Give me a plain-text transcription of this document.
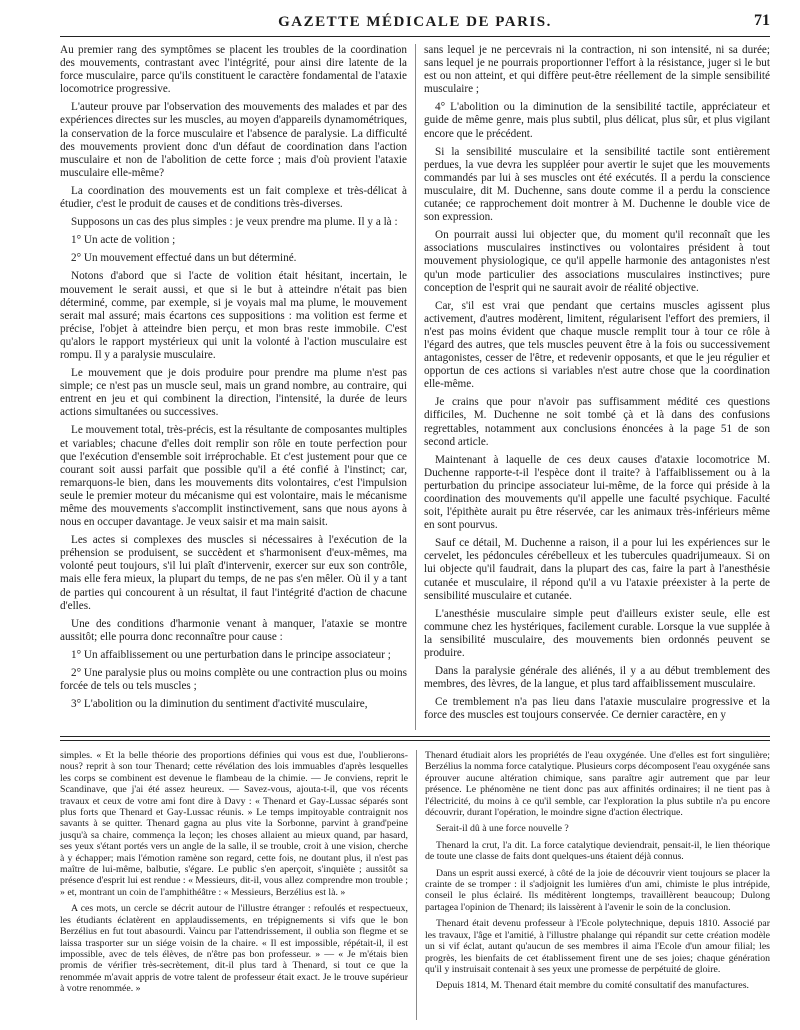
GAZETTE MÉDICALE DE PARIS.	71

Au premier rang des symptômes se placent les troubles de la coordination des mouvements, contrastant avec l'intégrité, pour ainsi dire latente de la force musculaire, parce qu'ils constituent le caractère fondamental de l'ataxie locomotrice progressive.

L'auteur prouve par l'observation des mouvements des malades et par des expériences directes sur les muscles, au moyen d'appareils dynamométriques, la conservation de la force musculaire et l'absence de paralysie. La difficulté des mouvements provient donc d'un défaut de coordination dans l'action musculaire et non de l'abolition de cette force ; mais d'où provient l'ataxie musculaire elle-même?

La coordination des mouvements est un fait complexe et très-délicat à étudier, c'est le produit de causes et de conditions très-diverses.

Supposons un cas des plus simples : je veux prendre ma plume. Il y a là :

1° Un acte de volition ;

2° Un mouvement effectué dans un but déterminé.

Notons d'abord que si l'acte de volition était hésitant, incertain, le mouvement le serait aussi, et que si le but à atteindre n'était pas bien déterminé, comme, par exemple, si je voyais mal ma plume, le mouvement serait mal assuré; mais écartons ces suppositions : ma volition est ferme et précise, l'objet à atteindre bien perçu, et mon bras reste immobile. C'est qu'alors le rapport mystérieux qui unit la volonté à l'action musculaire est rompu. Il y a paralysie musculaire.

Le mouvement que je dois produire pour prendre ma plume n'est pas simple; ce n'est pas un muscle seul, mais un grand nombre, au contraire, qui entrent en jeu et qui combinent la direction, l'intensité, la durée de leurs actions simultanées ou successives.

Le mouvement total, très-précis, est la résultante de composantes multiples et variables; chacune d'elles doit remplir son rôle en toute perfection pour que l'exécution d'ensemble soit irréprochable. Et c'est justement pour que ce courant soit aussi parfait que possible qu'il a été confié à l'instinct; car, remarquons-le bien, dans les mouvements dits volontaires, c'est l'impulsion seule le premier moteur du mécanisme qui est volontaire, mais le mécanisme même des mouvements s'accomplit instinctivement, sans que nous ayons à nous en occuper davantage. Je veux saisir et ma main saisit.

Les actes si complexes des muscles si nécessaires à l'exécution de la préhension se produisent, se succèdent et s'harmonisent d'eux-mêmes, ma volonté peut toujours, s'il lui plaît d'intervenir, exercer sur eux son contrôle, mais elle fera mieux, la plupart du temps, de ne pas s'en mêler. Où il y a tant de parties qui concourent à un résultat, il faut l'intégrité d'action de chacune d'elles.

Une des conditions d'harmonie venant à manquer, l'ataxie se montre aussitôt; elle pourra donc reconnaître pour cause :

1° Un affaiblissement ou une perturbation dans le principe associateur ;

2° Une paralysie plus ou moins complète ou une contraction plus ou moins forcée de tels ou tels muscles ;

3° L'abolition ou la diminution du sentiment d'activité musculaire,

sans lequel je ne percevrais ni la contraction, ni son intensité, ni sa durée; sans lequel je ne pourrais proportionner l'effort à la résistance, juger si le but est ou non atteint, et qui diffère peut-être réellement de la simple sensibilité musculaire ;

4° L'abolition ou la diminution de la sensibilité tactile, appréciateur et guide de même genre, mais plus subtil, plus délicat, plus sûr, et plus vigilant encore que le précédent.

Si la sensibilité musculaire et la sensibilité tactile sont entièrement perdues, la vue devra les suppléer pour avertir le sujet que les mouvements commandés par lui à ses muscles ont été exécutés. Il a perdu la conscience musculaire, dit M. Duchenne, sans doute comme il a perdu la conscience cutanée; ce rapprochement doit montrer à M. Duchenne le double vice de son expression.

On pourrait aussi lui objecter que, du moment qu'il reconnaît que les associations musculaires instinctives ou volontaires président à tout mouvement physiologique, ce qu'il appelle harmonie des antagonistes n'est qu'un mode particulier des associations musculaires instinctives; pure conception de l'esprit qui ne saurait avoir de réalité objective.

Car, s'il est vrai que pendant que certains muscles agissent plus activement, d'autres modèrent, limitent, régularisent l'effort des premiers, il n'est pas moins évident que chaque muscle remplit tour à tour ce rôle à l'égard des autres, que tels muscles peuvent être à la fois ou successivement antagonistes, cesser de l'être, et redevenir opposants, et que le jeu régulier et opportun de ces actions si variables n'est autre chose que la coordination elle-même.

Je crains que pour n'avoir pas suffisamment médité ces questions difficiles, M. Duchenne ne soit tombé çà et là dans des confusions regrettables, notamment aux conclusions énoncées à la page 51 de son second article.

Maintenant à laquelle de ces deux causes d'ataxie locomotrice M. Duchenne rapporte-t-il l'espèce dont il traite? à l'affaiblissement ou à la perturbation du principe associateur lui-même, de la force qui préside à la coordination des mouvements qu'il appelle une faculté psychique. Faculté soit, l'épithète aurait pu être réservée, car les animaux très-inférieurs même en sont pourvus.

Sauf ce détail, M. Duchenne a raison, il a pour lui les expériences sur le cervelet, les pédoncules cérébelleux et les tubercules quadrijumeaux. Si on lui objecte qu'il faudrait, dans la plupart des cas, faire la part à l'anesthésie cutanée et musculaire, il répond qu'il a vu l'ataxie préexister à la perte de sensibilité musculaire et cutanée.

L'anesthésie musculaire simple peut d'ailleurs exister seule, elle est commune chez les hystériques, facilement curable. Lorsque la vue supplée à la sensibilité musculaire, des mouvements bien ordonnés peuvent se produire.

Dans la paralysie générale des aliénés, il y a au début tremblement des membres, des lèvres, de la langue, et plus tard affaiblissement musculaire.

Ce tremblement n'a pas lieu dans l'ataxie musculaire progressive et la force des muscles est toujours conservée. Ce dernier caractère, en y

simples. « Et la belle théorie des proportions définies qui vous est due, l'oublierons-nous? reprit à son tour Thenard; cette révélation des lois immuables d'après lesquelles les corps se combinent est devenue le flambeau de la chimie. — Je conviens, reprit le Scandinave, que j'ai été assez heureux. — Savez-vous, ajouta-t-il, que vos récents travaux et ceux de votre ami font dire à Davy : « Thenard et Gay-Lussac séparés sont plus forts que Thenard et Gay-Lussac réunis. » Le temps impitoyable contraignit nos savants à se quitter. Thenard gagna au plus vite la Sorbonne, parvint à grand'peine jusqu'à sa chaire, commença la leçon; les choses allaient au mieux quand, par hasard, ses yeux s'étant portés vers un angle de la salle, il se trouble, croit à une vision, cherche à y échapper; mais l'émotion ramène son regard, cette fois, ne doutant plus, il n'est pas maître de lui-même, balbutie, s'égare. Le public s'en aperçoit, s'inquiète ; aussitôt sa présence d'esprit lui est rendue : « Messieurs, dit-il, vous allez comprendre mon trouble ; » et, montrant un coin de l'amphithéâtre : « Messieurs, Berzélius est là. »

A ces mots, un cercle se décrit autour de l'illustre étranger : refoulés et respectueux, les étudiants éclatèrent en applaudissements, en trépignements si vifs que le bon Berzélius en fut tout abasourdi. Vaincu par l'attendrissement, il oublia son flegme et se laissa trasporter sur un siége voisin de la chaire. « Il est impossible, répétait-il, il est impossible, avec de tels élèves, de n'être pas bon professeur. » — « Je m'étais bien promis de vérifier très-secrètement, dit-il plus tard à Thenard, si tout ce que la renommée m'avait appris de votre talent de professeur était exact. Je le trouve supérieur à votre renommée. »

Thenard étudiait alors les propriétés de l'eau oxygénée. Une d'elles est fort singulière; Berzélius la nomma force catalytique. Plusieurs corps décomposent l'eau oxygénée sans éprouver aucune altération chimique, sans paraître agir autrement que par leur présence. Le phénomène ne tient donc pas aux affinités ordinaires; il ne tient pas à l'électricité, du moins à ce qu'il semble, car l'exploration la plus subtile n'a pu encore découvrir, durant l'opération, le moindre signe d'action électrique.

Serait-il dû à une force nouvelle ?

Thenard la crut, l'a dit. La force catalytique deviendrait, pensait-il, le lien théorique de toute une classe de faits dont quelques-uns étaient déjà connus.

Dans un esprit aussi exercé, à côté de la joie de découvrir vient toujours se placer la crainte de se tromper : il s'adjoignit les lumières d'un ami, chimiste le plus intrépide, conseil le plus éclairé. Ils méditèrent longtemps, travaillèrent beaucoup; Dulong partagea l'opinion de Thenard; ils laissèrent à l'avenir le soin de la conclusion.

Thenard était devenu professeur à l'Ecole polytechnique, depuis 1810. Associé par les travaux, l'âge et l'amitié, à l'illustre phalange qui répandit sur cette création modèle un si vif éclat, autant qu'aucun de ses membres il aima l'Ecole d'un amour filial; les progrès, les bienfaits de cet établissement firent une de ses joies; chaque génération qu'il y instruisait contenait à ses yeux une promesse de perpétuité de gloire.

Depuis 1814, M. Thenard était membre du comité consultatif des manufactures.
